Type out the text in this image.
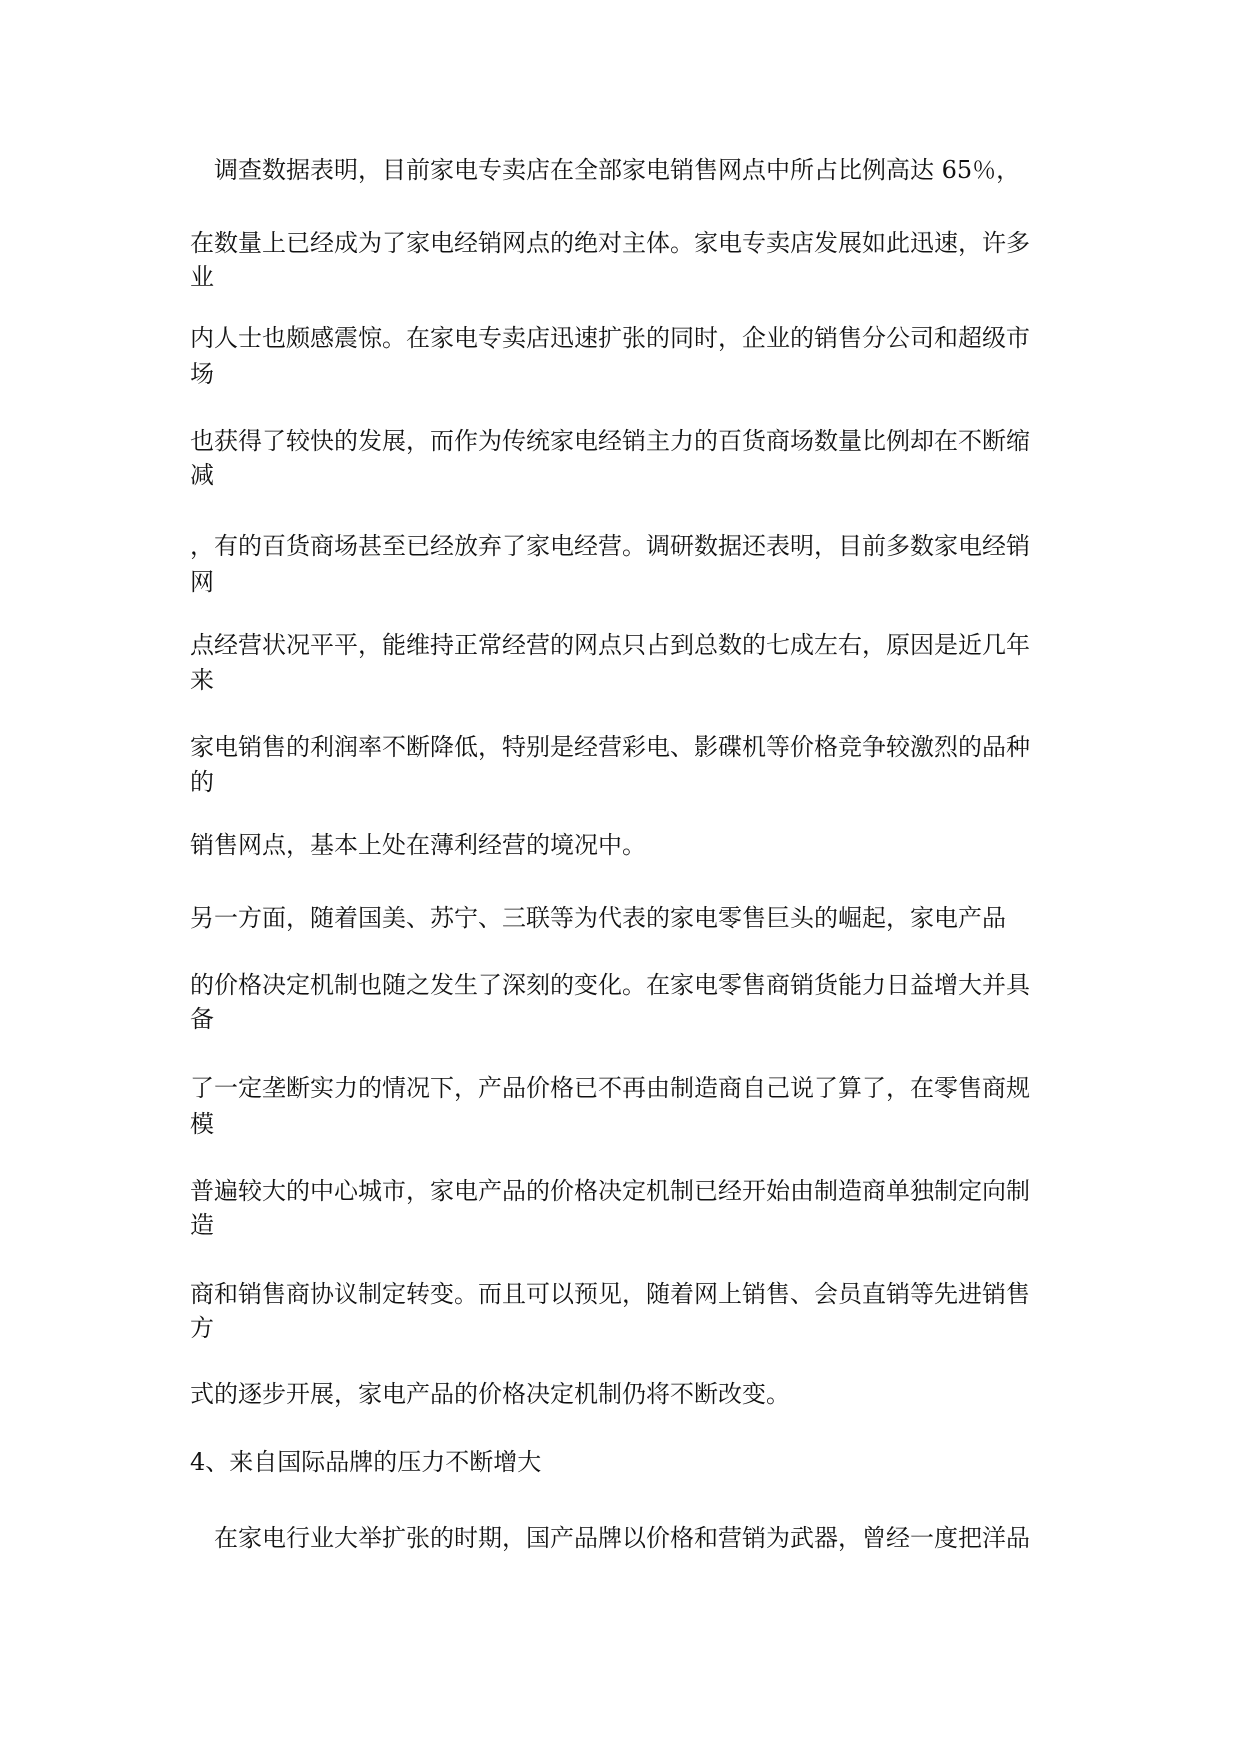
调查数据表明，目前家电专卖店在全部家电销售网点中所占比例高达 65％，
在数量上已经成为了家电经销网点的绝对主体。家电专卖店发展如此迅速，许多
业
内人士也颇感震惊。在家电专卖店迅速扩张的同时，企业的销售分公司和超级市
场
也获得了较快的发展，而作为传统家电经销主力的百货商场数量比例却在不断缩
减
，有的百货商场甚至已经放弃了家电经营。调研数据还表明，目前多数家电经销
网
点经营状况平平，能维持正常经营的网点只占到总数的七成左右，原因是近几年
来
家电销售的利润率不断降低，特别是经营彩电、影碟机等价格竞争较激烈的品种
的
销售网点，基本上处在薄利经营的境况中。
另一方面，随着国美、苏宁、三联等为代表的家电零售巨头的崛起，家电产品
的价格决定机制也随之发生了深刻的变化。在家电零售商销货能力日益增大并具
备
了一定垄断实力的情况下，产品价格已不再由制造商自己说了算了，在零售商规
模
普遍较大的中心城市，家电产品的价格决定机制已经开始由制造商单独制定向制
造
商和销售商协议制定转变。而且可以预见，随着网上销售、会员直销等先进销售
方
式的逐步开展，家电产品的价格决定机制仍将不断改变。
4、来自国际品牌的压力不断增大
在家电行业大举扩张的时期，国产品牌以价格和营销为武器，曾经一度把洋品
